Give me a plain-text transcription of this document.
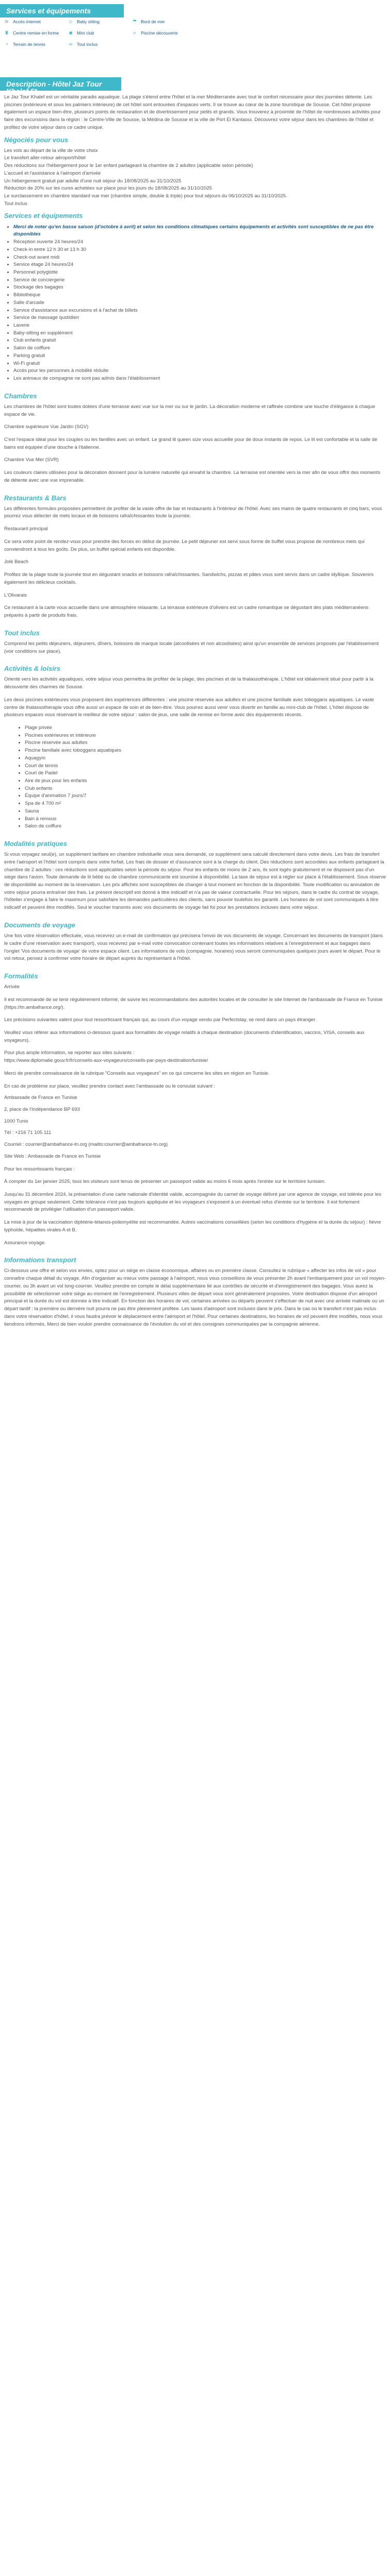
Services et équipements
≋ Accès internet	☺ Baby sitting	☂ Bord de mer
♜ Centre remise en forme ☻ Mini club	≈	Piscine découverte
◔	Terrain de tennis	∞ Tout inclus
Description - Hôtel Jaz Tour Khalef 5*

Le Jaz Tour Khalef est un véritable paradis aquatique. La plage s'étend entre l'hôtel et la mer Méditerranée avec tout le confort nécessaire pour des journées détente. Les piscines (extérieure et sous les palmiers intérieure) de cet hôtel sont entourées d'espaces verts. Il se trouve au cœur de la zone touristique de Sousse. Cet hôtel propose également un espace bien-être, plusieurs points de restauration et de divertissement pour petits et grands. Vous trouverez à proximité de l'hôtel de nombreuses activités pour faire des excursions dans la région : le Centre-Ville de Sousse, la Médina de Sousse et la ville de Port El Kantaoui. Découvrez votre séjour dans les chambres de l'hôtel et profitez de votre séjour dans ce cadre unique.

Négociés pour vous

Les vols au départ de la ville de votre choix

Le transfert aller-retour aéroport/hôtel

Des réductions sur l'hébergement pour le 1er enfant partageant la chambre de 2 adultes (applicable selon période)

L'accueil et l'assistance à l'aéroport d'arrivée

Un hébergement gratuit par adulte d'une nuit séjour du 18/08/2025 au 31/10/2025

Réduction de 20% sur les cures achetées sur place pour les jours du 18/08/2025 au 31/10/2025

Le surclassement en chambre standard vue mer (chambre simple, double & triple) pour tout séjours du 06/10/2025 au 31/10/2025.

Tout inclus

Services et équipements
• Merci de noter qu'en basse saison (d'octobre à avril) et selon les conditions climatiques certains équipements et activités sont susceptibles de ne pas être disponibles
• Réception ouverte 24 heures/24
• Check-in entre 12 h 30 et 13 h 30
• Check-out avant midi
• Service étage 24 heures/24
• Personnel polyglotte
• Service de conciergerie
• Stockage des bagages
• Bibliothèque
• Salle d'arcade
• Service d'assistance aux excursions et à l'achat de billets
• Service de massage quotidien
• Laverie
• Baby-sitting en supplément
• Club enfants gratuit
• Salon de coiffure
• Parking gratuit
• Wi-Fi gratuit
• Accès pour les personnes à mobilité réduite
• Les animaux de compagnie ne sont pas admis dans l'établissement
Chambres

Les chambres de l'hôtel sont toutes dotées d'une terrasse avec vue sur la mer ou sur le jardin. La décoration moderne et raffinée combine une touche d'élégance à chaque espace de vie.

Chambre supérieure Vue Jardin (SGV)

C'est l'espace idéal pour les couples ou les familles avec un enfant. Le grand lit queen size vous accueille pour de doux instants de repos. Le lit est confortable et la salle de bains est équipée d'une douche à l'italienne.

Chambre Vue Mer (SVR)

Les couleurs claires utilisées pour la décoration donnent pour la lumière naturelle qui envahit la chambre. La terrasse est orientée vers la mer afin de vous offrir des moments de détente avec une vue imprenable.

Restaurants & Bars

Les différentes formules proposées permettent de profiter de la vaste offre de bar et restaurants à l'intérieur de l'hôtel. Avec ses mains de quatre restaurants et cinq bars, vous pourrez vous délecter de mets locaux et de boissons rafraîchissantes toute la journée.

Restaurant principal

Ce sera votre point de rendez-vous pour prendre des forces en début de journée. Le petit déjeuner est servi sous forme de buffet vous propose de nombreux mets qui conviendront à tous les goûts. De plus, un buffet spécial enfants est disponible.

Jolé Beach

Profitez de la plage toute la journée tout en dégustant snacks et boissons rafraîchissantes. Sandwichs, pizzas et pâtes vous sont servis dans un cadre idyllique. Souvenirs également les délicieux cocktails.

L'Olivarais

Ce restaurant à la carte vous accueille dans une atmosphère relaxante. La terrasse extérieure d'oliviers est un cadre romantique se dégustant des plats méditerranéens préparés à partir de produits frais.

Tout inclus

Comprend les petits déjeuners, déjeuners, dîners, boissons de marque locale (alcoolisées et non alcoolisées) ainsi qu'un ensemble de services proposés par l'établissement (voir conditions sur place).

Activités & loisirs

Orienté vers les activités aquatiques, votre séjour vous permettra de profiter de la plage, des piscines et de la thalassothérapie. L'hôtel est idéalement situé pour partir à la découverte des charmes de Sousse.

Les deux piscines extérieures vous proposent des expériences différentes : une piscine réservée aux adultes et une piscine familiale avec toboggans aquatiques. Le vaste centre de thalassothérapie vous offre aussi un espace de soin et de bien-être. Vous pourrez aussi venir vous divertir en famille au mini-club de l'hôtel. L'hôtel dispose de plusieurs espaces vous réservant le meilleur de votre séjour : salon de jeux, une salle de remise en forme avec des équipements récents.

• Plage privée
• Piscines extérieures et intérieure
• Piscine réservée aux adultes
• Piscine familiale avec toboggans aquatiques
• Aquagym
• Court de tennis
• Court de Padel
• Aire de jeux pour les enfants
• Club enfants
• Équipe d'animation 7 jours/7
• Spa de 4 700 m²
• Sauna
• Bain à remous
• Salon de coiffure
Modalités pratiques

Si vous voyagez seul(e), un supplément tarifaire en chambre individuelle vous sera demandé, ce supplément sera calculé directement dans votre devis. Les frais de transfert entre l'aéroport et l'hôtel sont compris dans votre forfait. Les frais de dossier et d'assurance sont à la charge du client. Des réductions sont accordées aux enfants partageant la chambre de 2 adultes : ces réductions sont applicables selon la période du séjour. Pour les enfants de moins de 2 ans, ils sont logés gratuitement et ne disposent pas d'un siège dans l'avion. Toute demande de lit bébé ou de chambre communicante est soumise à disponibilité. La taxe de séjour est à régler sur place à l'établissement. Sous réserve de disponibilité au moment de la réservation. Les prix affichés sont susceptibles de changer à tout moment en fonction de la disponibilité. Toute modification ou annulation de votre séjour pourra entraîner des frais. Le présent descriptif est donné à titre indicatif et n'a pas de valeur contractuelle. Pour les séjours, dans le cadre du contrat de voyage, l'hôtelier s'engage à faire le maximum pour satisfaire les demandes particulières des clients, sans pouvoir toutefois les garantir. Les horaires de vol sont communiqués à titre indicatif et peuvent être modifiés. Seul le voucher transmis avec vos documents de voyage fait foi pour les prestations incluses dans votre séjour.

Documents de voyage

Une fois votre réservation effectuée, vous recevrez un e-mail de confirmation qui précisera l'envoi de vos documents de voyage. Concernant les documents de transport (dans le cadre d'une réservation avec transport), vous recevrez par e-mail votre convocation contenant toutes les informations relatives à l'enregistrement et aux bagages dans l'onglet 'Vos documents de voyage' de votre espace client. Les informations de vols (compagnie, horaires) vous seront communiquées quelques jours avant le départ. Pour le vol retour, pensez à confirmer votre horaire de départ auprès du représentant à l'hôtel.

Formalités

Arrivée

Il est recommandé de se tenir régulièrement informé, de suivre les recommandations des autorités locales et de consulter le site Internet de l'ambassade de France en Tunisie (https://tn.ambafrance.org/).

Les précisions suivantes valent pour tout ressortissant français qui, au cours d'un voyage vendu par Perfectstay, se rend dans un pays étranger.

Veuillez vous référer aux informations ci-dessous quant aux formalités de voyage relatifs à chaque destination (documents d'identification, vaccins, VISA, conseils aux voyageurs).

Pour plus ample information, se reporter aux sites suivants :

https://www.diplomatie.gouv.fr/fr/conseils-aux-voyageurs/conseils-par-pays-destination/tunisie/

Merci de prendre connaissance de la rubrique "Conseils aux voyageurs" en ce qui concerne les sites en région en Tunisie.

En cas de problème sur place, veuillez prendre contact avec l'ambassade ou le consulat suivant :

Ambassade de France en Tunisie

2, place de l'Indépendance BP 693

1000 Tunis

Tél : +216 71 105 111

Courriel : courrier@ambafrance-tn.org (mailto:courrier@ambafrance-tn.org)

Site Web : Ambassade de France en Tunisie

Pour les ressortissants français :

À compter du 1er janvier 2025, tous les visiteurs sont tenus de présenter un passeport valide au moins 6 mois après l'entrée sur le territoire tunisien.

Jusqu'au 31 décembre 2024, la présentation d'une carte nationale d'identité valide, accompagnée du carnet de voyage délivré par une agence de voyage, est tolérée pour les voyages en groupe seulement. Cette tolérance n'est pas toujours appliquée et les voyageurs s'exposent à un éventuel refus d'entrée sur le territoire. Il est fortement recommandé de privilégier l'utilisation d'un passeport valide.

La mise à jour de la vaccination diphtérie-tétanos-poliomyélite est recommandée. Autres vaccinations conseillées (selon les conditions d'hygiène et la durée du séjour) : fièvre typhoïde, hépatites virales A et B.

Assurance voyage.

Informations transport

Ci-dessous une offre et selon vos envies, optez pour un siège en classe économique, affaires ou en première classe. Consultez le rubrique « affecter les infos de vol » pour connaître chaque détail du voyage. Afin d'organiser au mieux votre passage à l'aéroport, nous vous conseillons de vous présenter 2h avant l'embarquement pour un vol moyen-courrier, ou 3h avant un vol long-courrier. Veuillez prendre en compte le délai supplémentaire lié aux contrôles de sécurité et d'enregistrement des bagages. Vous aurez la possibilité de sélectionner votre siège au moment de l'enregistrement. Plusieurs villes de départ vous sont généralement proposées. Votre destination dispose d'un aéroport principal et la durée du vol est donnée à titre indicatif. En fonction des horaires de vol, certaines arrivées ou départs peuvent s'effectuer de nuit avec une arrivée matinale ou un départ tardif : la première ou dernière nuit pourra ne pas être pleinement profitée. Les taxes d'aéroport sont incluses dans le prix. Dans le cas où le transfert n'est pas inclus dans votre réservation d'hôtel, il vous faudra prévoir le déplacement entre l'aéroport et l'hôtel. Pour certaines destinations, les horaires de vol peuvent être modifiés, nous vous tiendrons informés. Merci de bien vouloir prendre connaissance de l'évolution du vol et des consignes communiquées par la compagnie aérienne.
